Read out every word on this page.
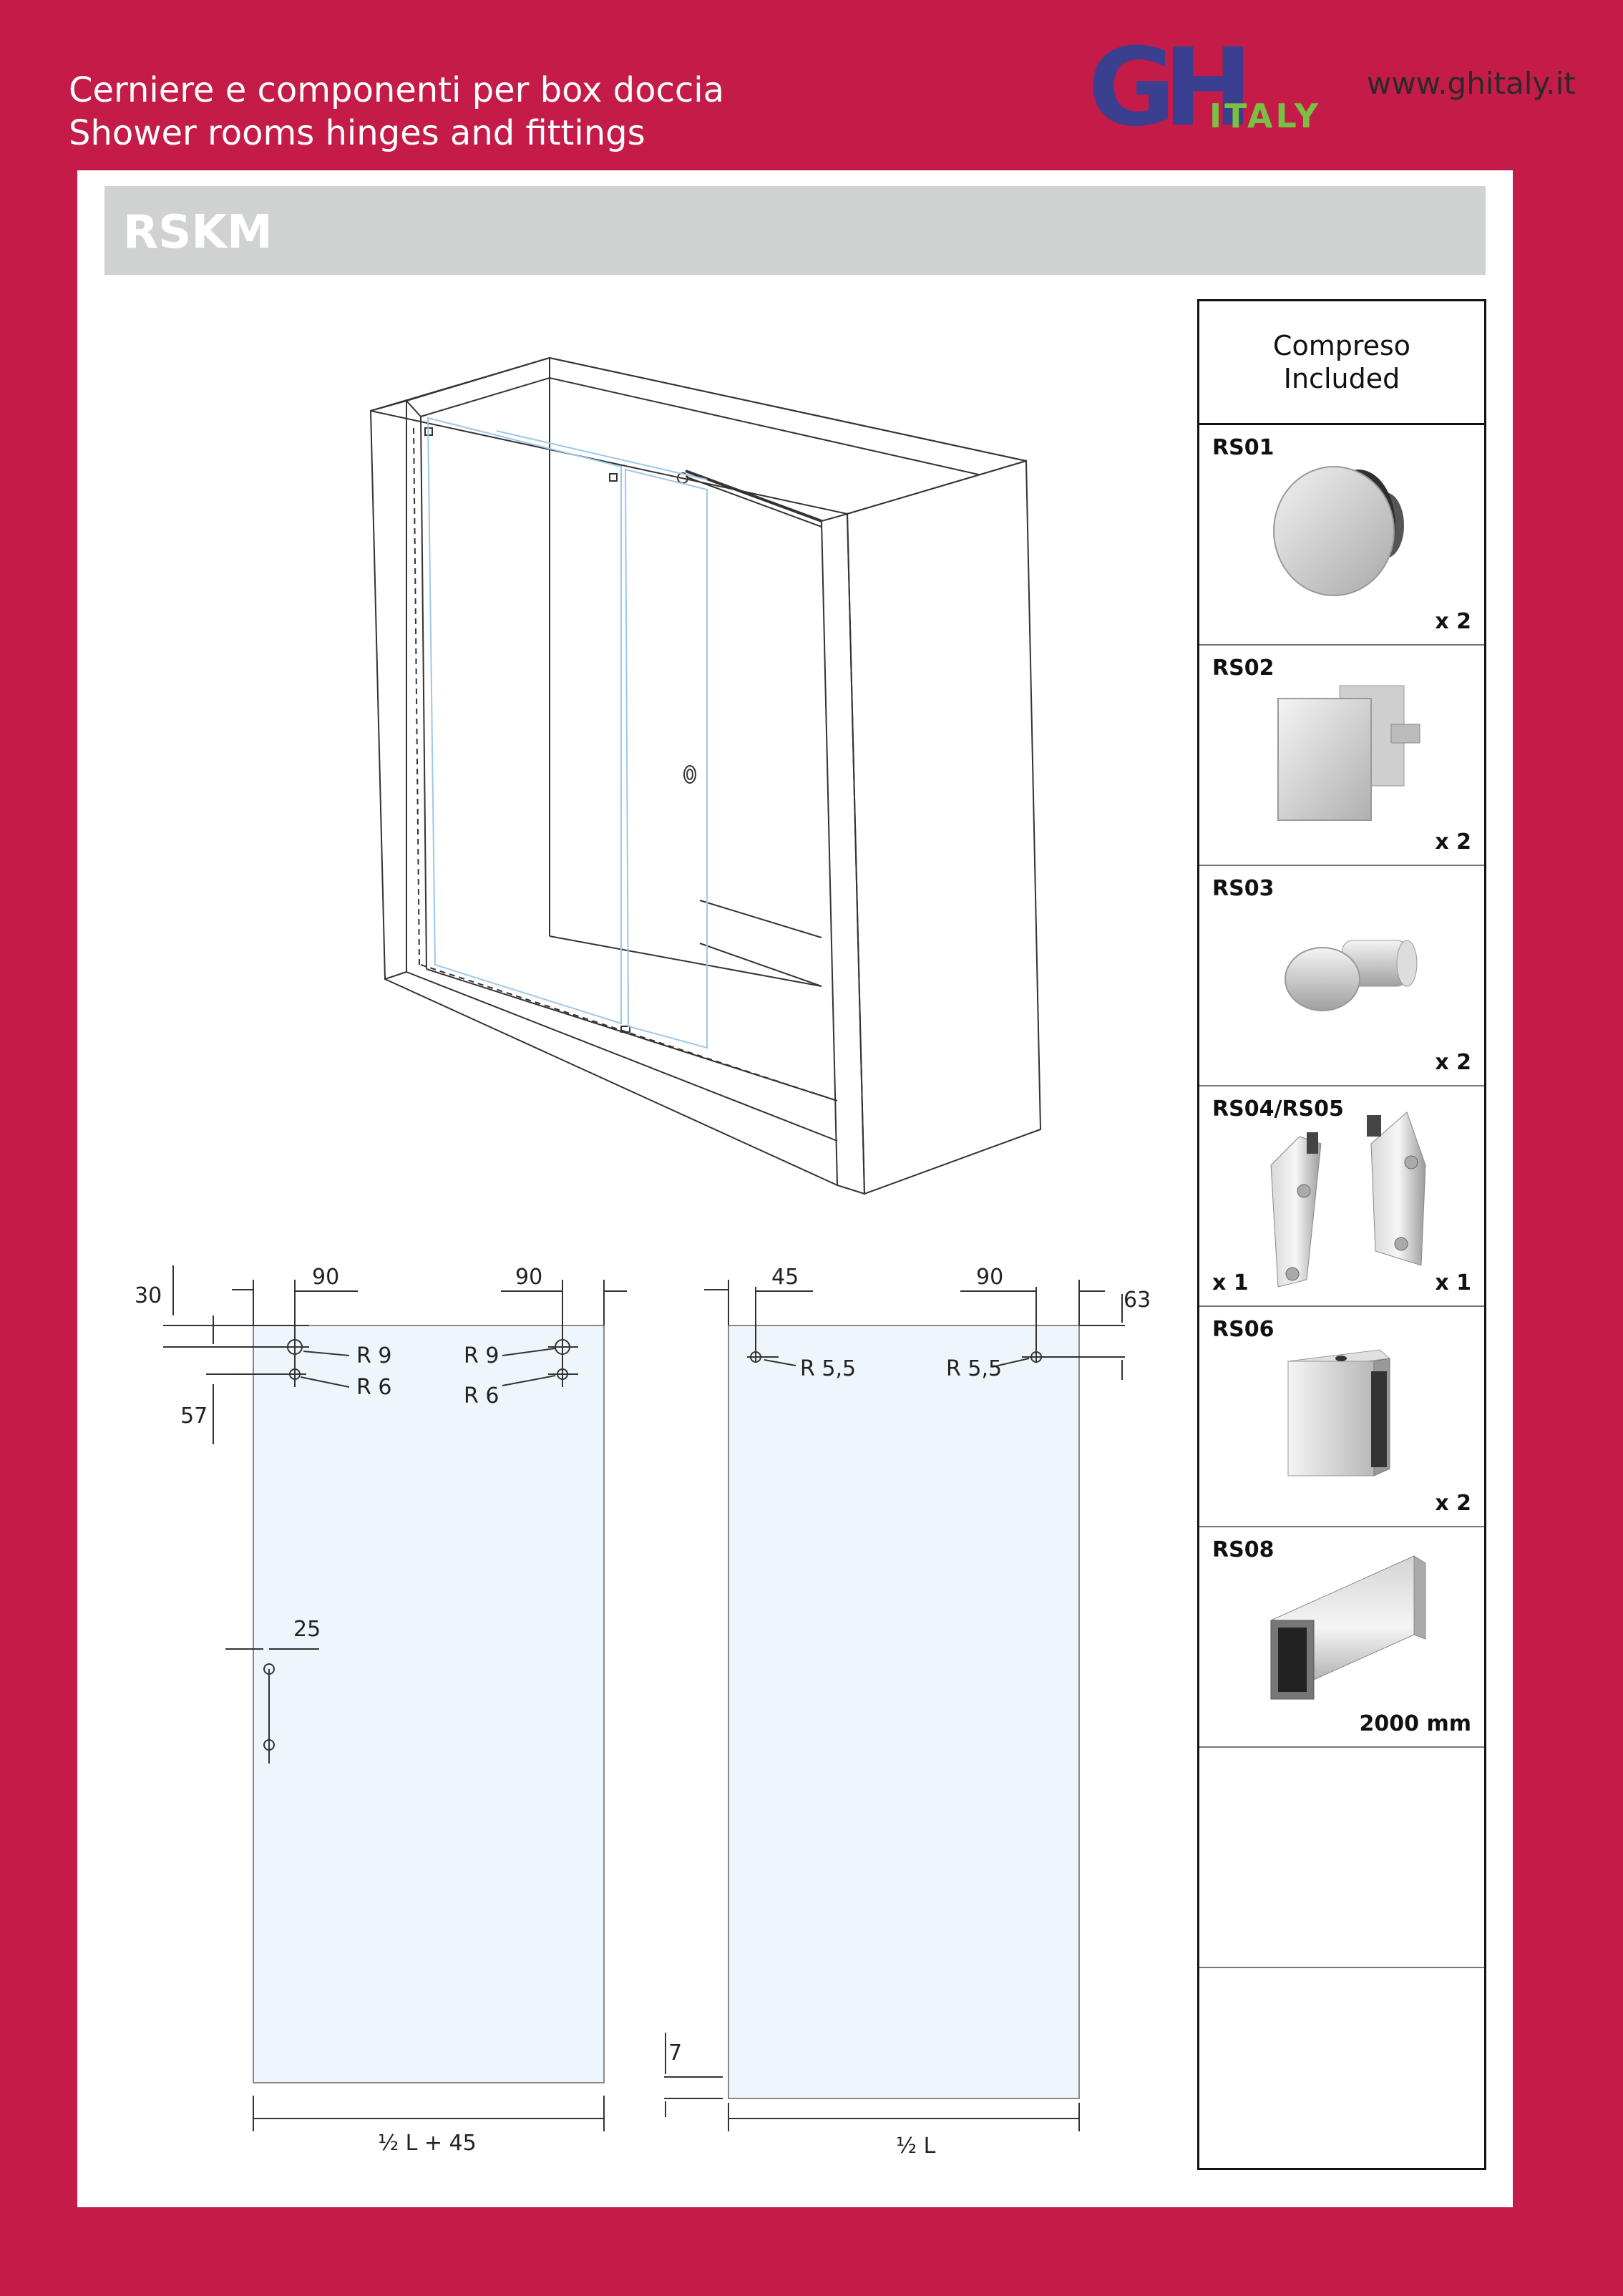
Cerniere e componenti per box doccia
Shower rooms hinges and fittings	GH
ITALY
www.ghitaly.it
RSKM
30
90	90
R 9
R 6
R 9
R 6
57
25
½ L + 45
45	90
63
R 5,5	R 5,5
7
½ L
Compreso
Included
RS01
x 2
RS02
x 2
RS03
x 2
RS04/RS05
x 1	x 1
RS06
x 2
RS08
2000 mm
